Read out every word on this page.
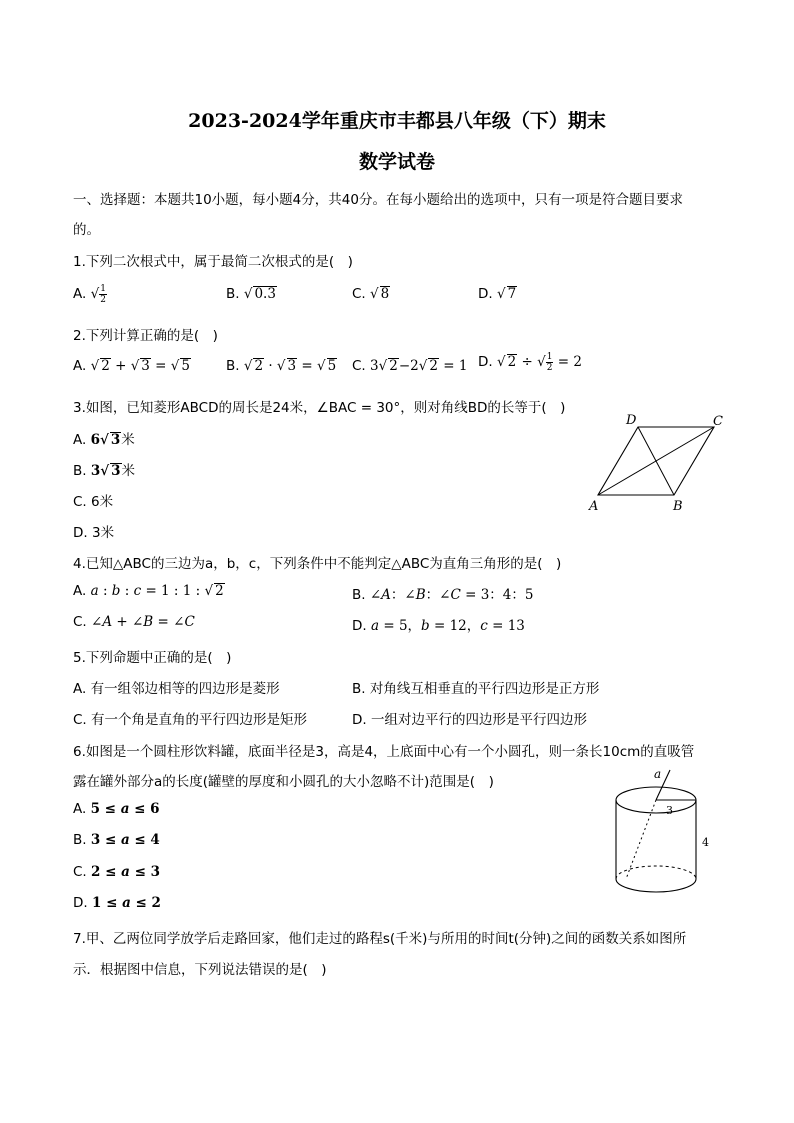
2023-2024学年重庆市丰都县八年级（下）期末
数学试卷
一、选择题：本题共10小题，每小题4分，共40分。在每小题给出的选项中，只有一项是符合题目要求
的。
1.下列二次根式中，属于最简二次根式的是(　)
A. √ $\frac{1}{2}$	B. √ 0.3	C. √ 8	D. √ 7
2.下列计算正确的是(　)
A. √ 2 + √ 3 = √ 5	B. √ 2 · √ 3 = √ 5 C. 3√ 2−2√ 2 = 1 D. √ 2 ÷ √ $\frac{1}{2} = 2$
3.如图，已知菱形ABCD的周长是24米，∠BAC = 30°，则对角线BD的长等于(　)
A. 6√ 3米
B. 3√ 3米
C. 6米
D. 3米
D	C
A	B
4.已知△ABC的三边为a，b，c，下列条件中不能判定△ABC为直角三角形的是(　)
A. a : b : c = 1 : 1 : √ 2	B. ∠A：∠B：∠C = 3：4：5
C. ∠A + ∠B = ∠C	D. a = 5，b = 12，c = 13
5.下列命题中正确的是(　)
A. 有一组邻边相等的四边形是菱形	B. 对角线互相垂直的平行四边形是正方形
C. 有一个角是直角的平行四边形是矩形	D. 一组对边平行的四边形是平行四边形
6.如图是一个圆柱形饮料罐，底面半径是3，高是4，上底面中心有一个小圆孔，则一条长10cm的直吸管
露在罐外部分a的长度(罐壁的厚度和小圆孔的大小忽略不计)范围是(　)
A. 5 ≤ a ≤ 6
B. 3 ≤ a ≤ 4
C. 2 ≤ a ≤ 3
D. 1 ≤ a ≤ 2
a
3
4
7.甲、乙两位同学放学后走路回家，他们走过的路程s(千米)与所用的时间t(分钟)之间的函数关系如图所
示．根据图中信息，下列说法错误的是(　)
